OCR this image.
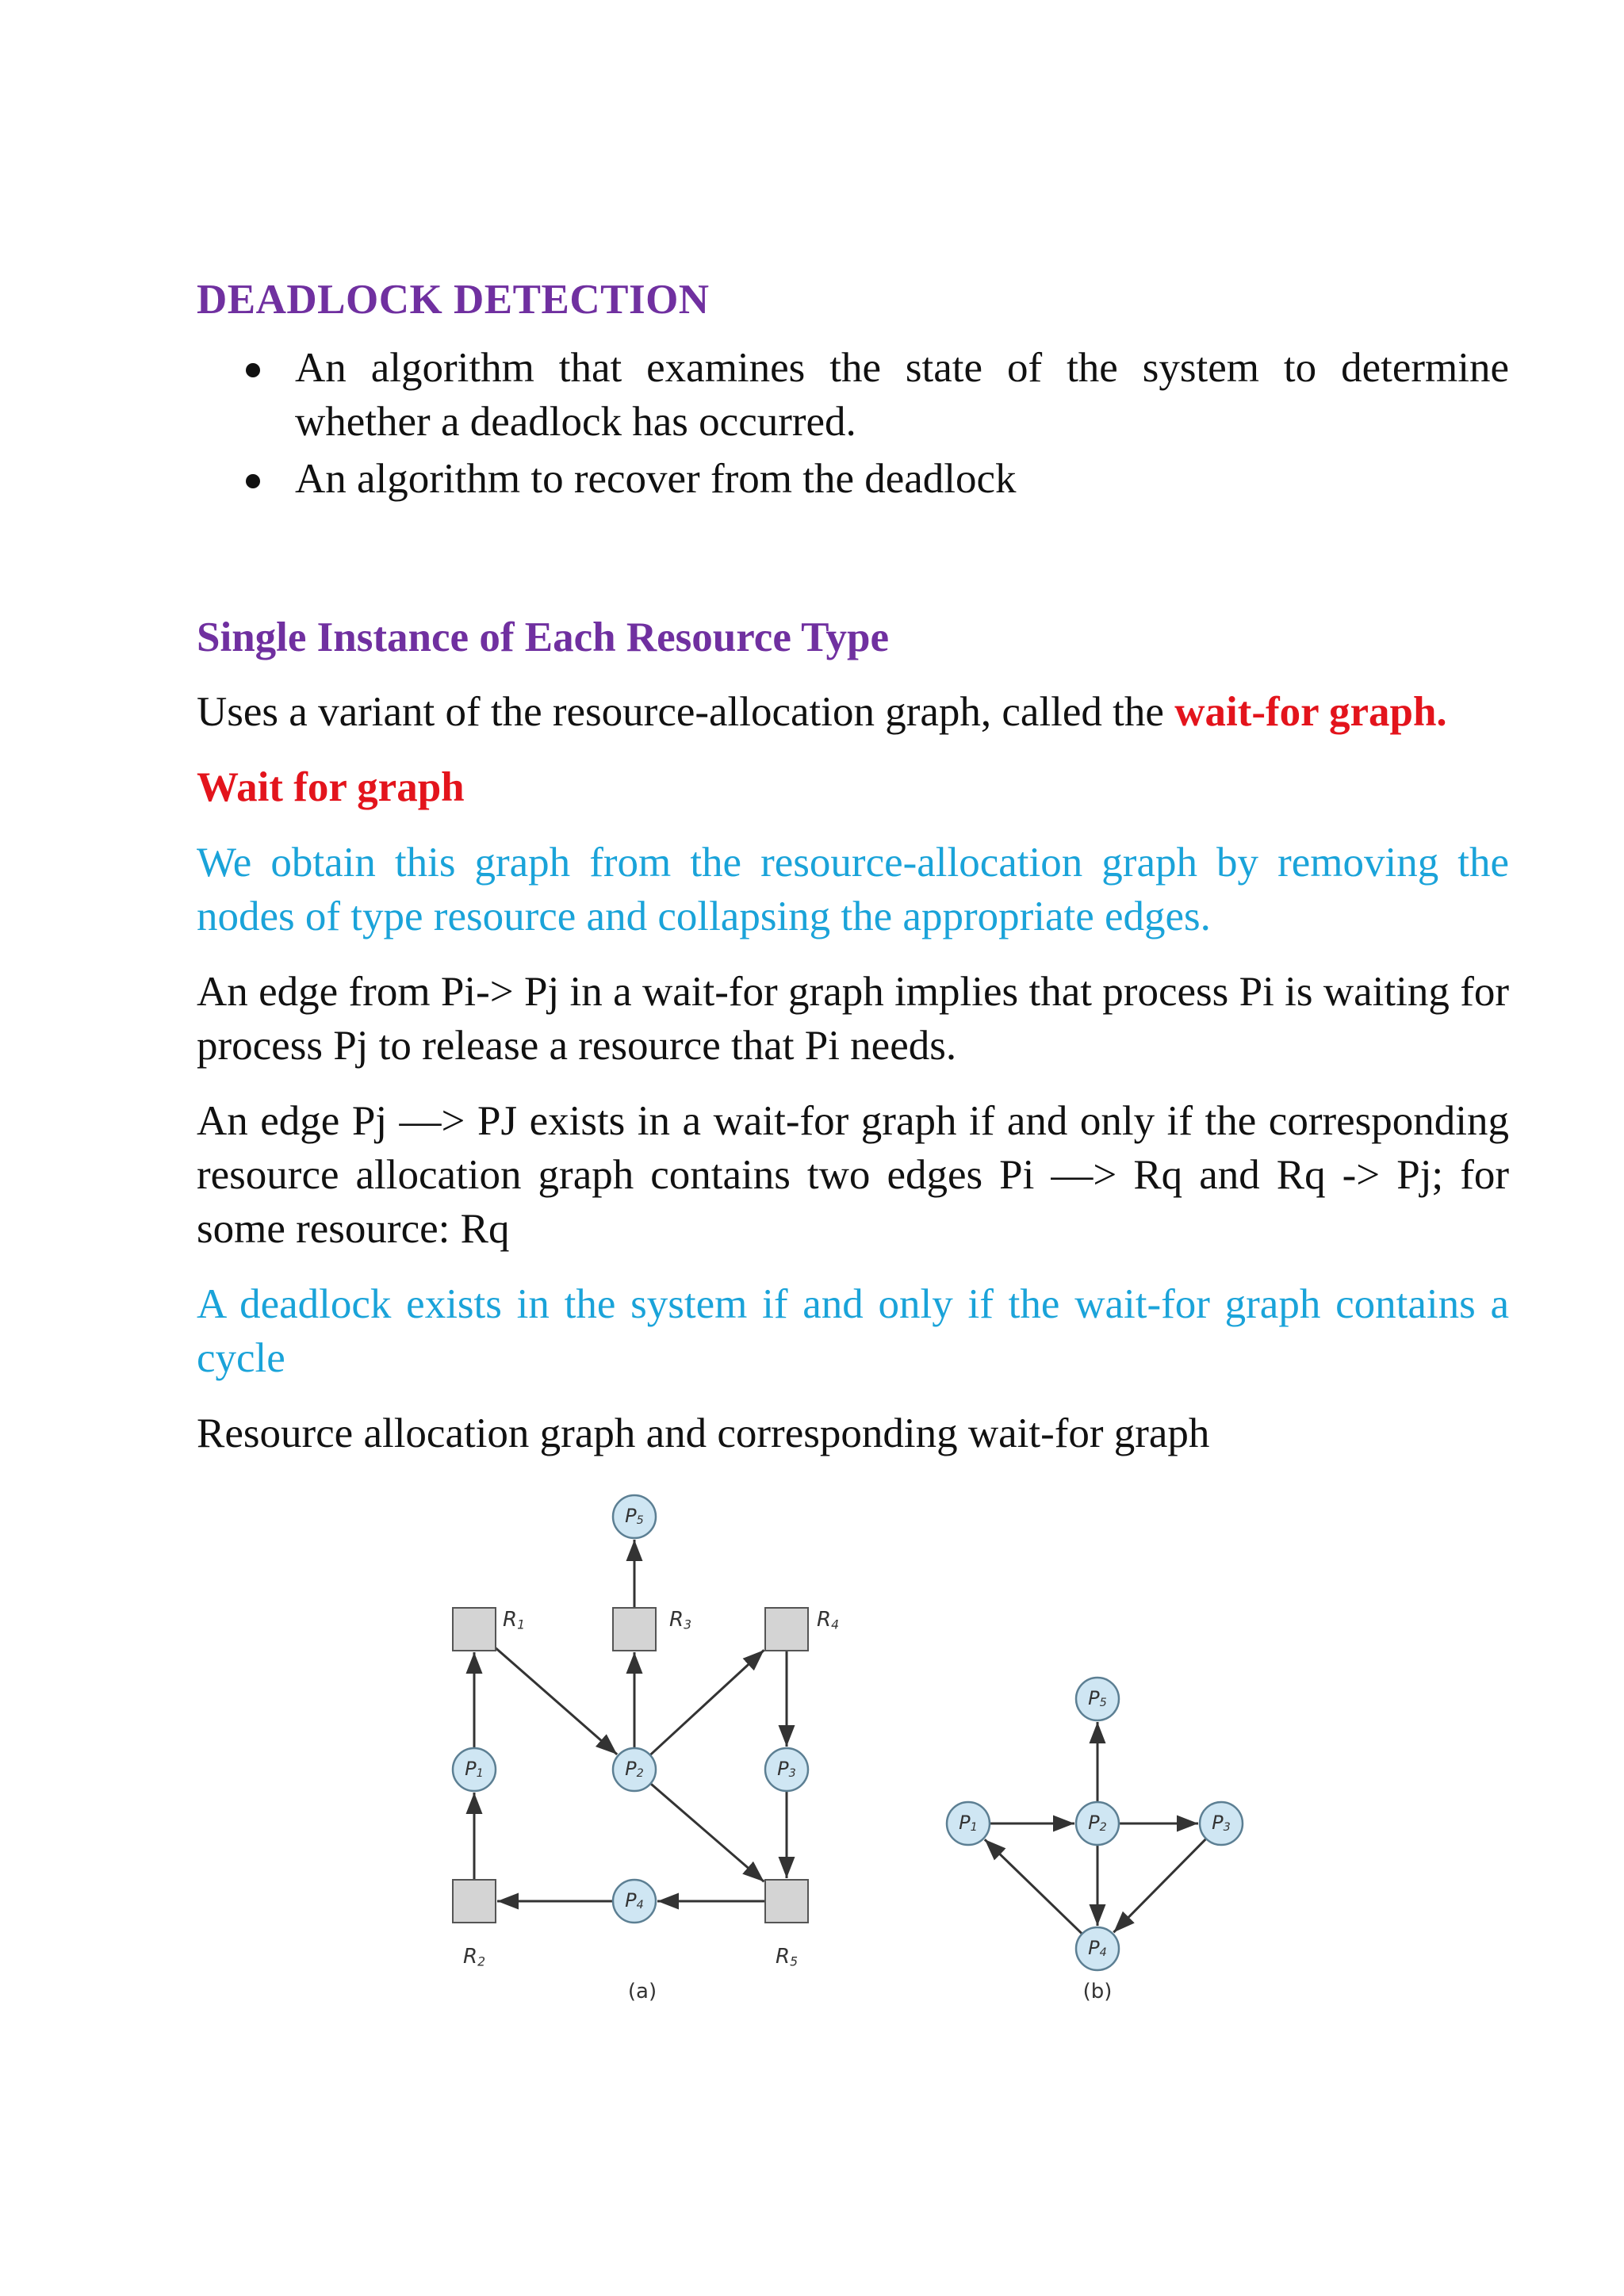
DEADLOCK DETECTION
An algorithm that examines the state of the system to determine whether a deadlock has occurred.
An algorithm to recover from the deadlock
Single Instance of Each Resource Type

Uses a variant of the resource-allocation graph, called the wait-for graph.

Wait for graph

We obtain this graph from the resource-allocation graph by removing the nodes of type resource and collapsing the appropriate edges.

An edge from Pi-> Pj in a wait-for graph implies that process Pi is waiting for process Pj to release a resource that Pi needs.

An edge Pj —> PJ exists in a wait-for graph if and only if the corresponding resource allocation graph contains two edges Pi —> Rq and Rq -> Pj; for some resource: Rq

A deadlock exists in the system if and only if the wait-for graph contains a cycle

Resource allocation graph and corresponding wait-for graph

$R_1$
$R_2$
$R_3$	$R_4$
$R_5$
$P_1$	$P_2$	$P_3$
$P_4$
$P_5$
(a)
$P_1$	$P_2$	$P_3$
$P_4$
$P_5$
(b)
